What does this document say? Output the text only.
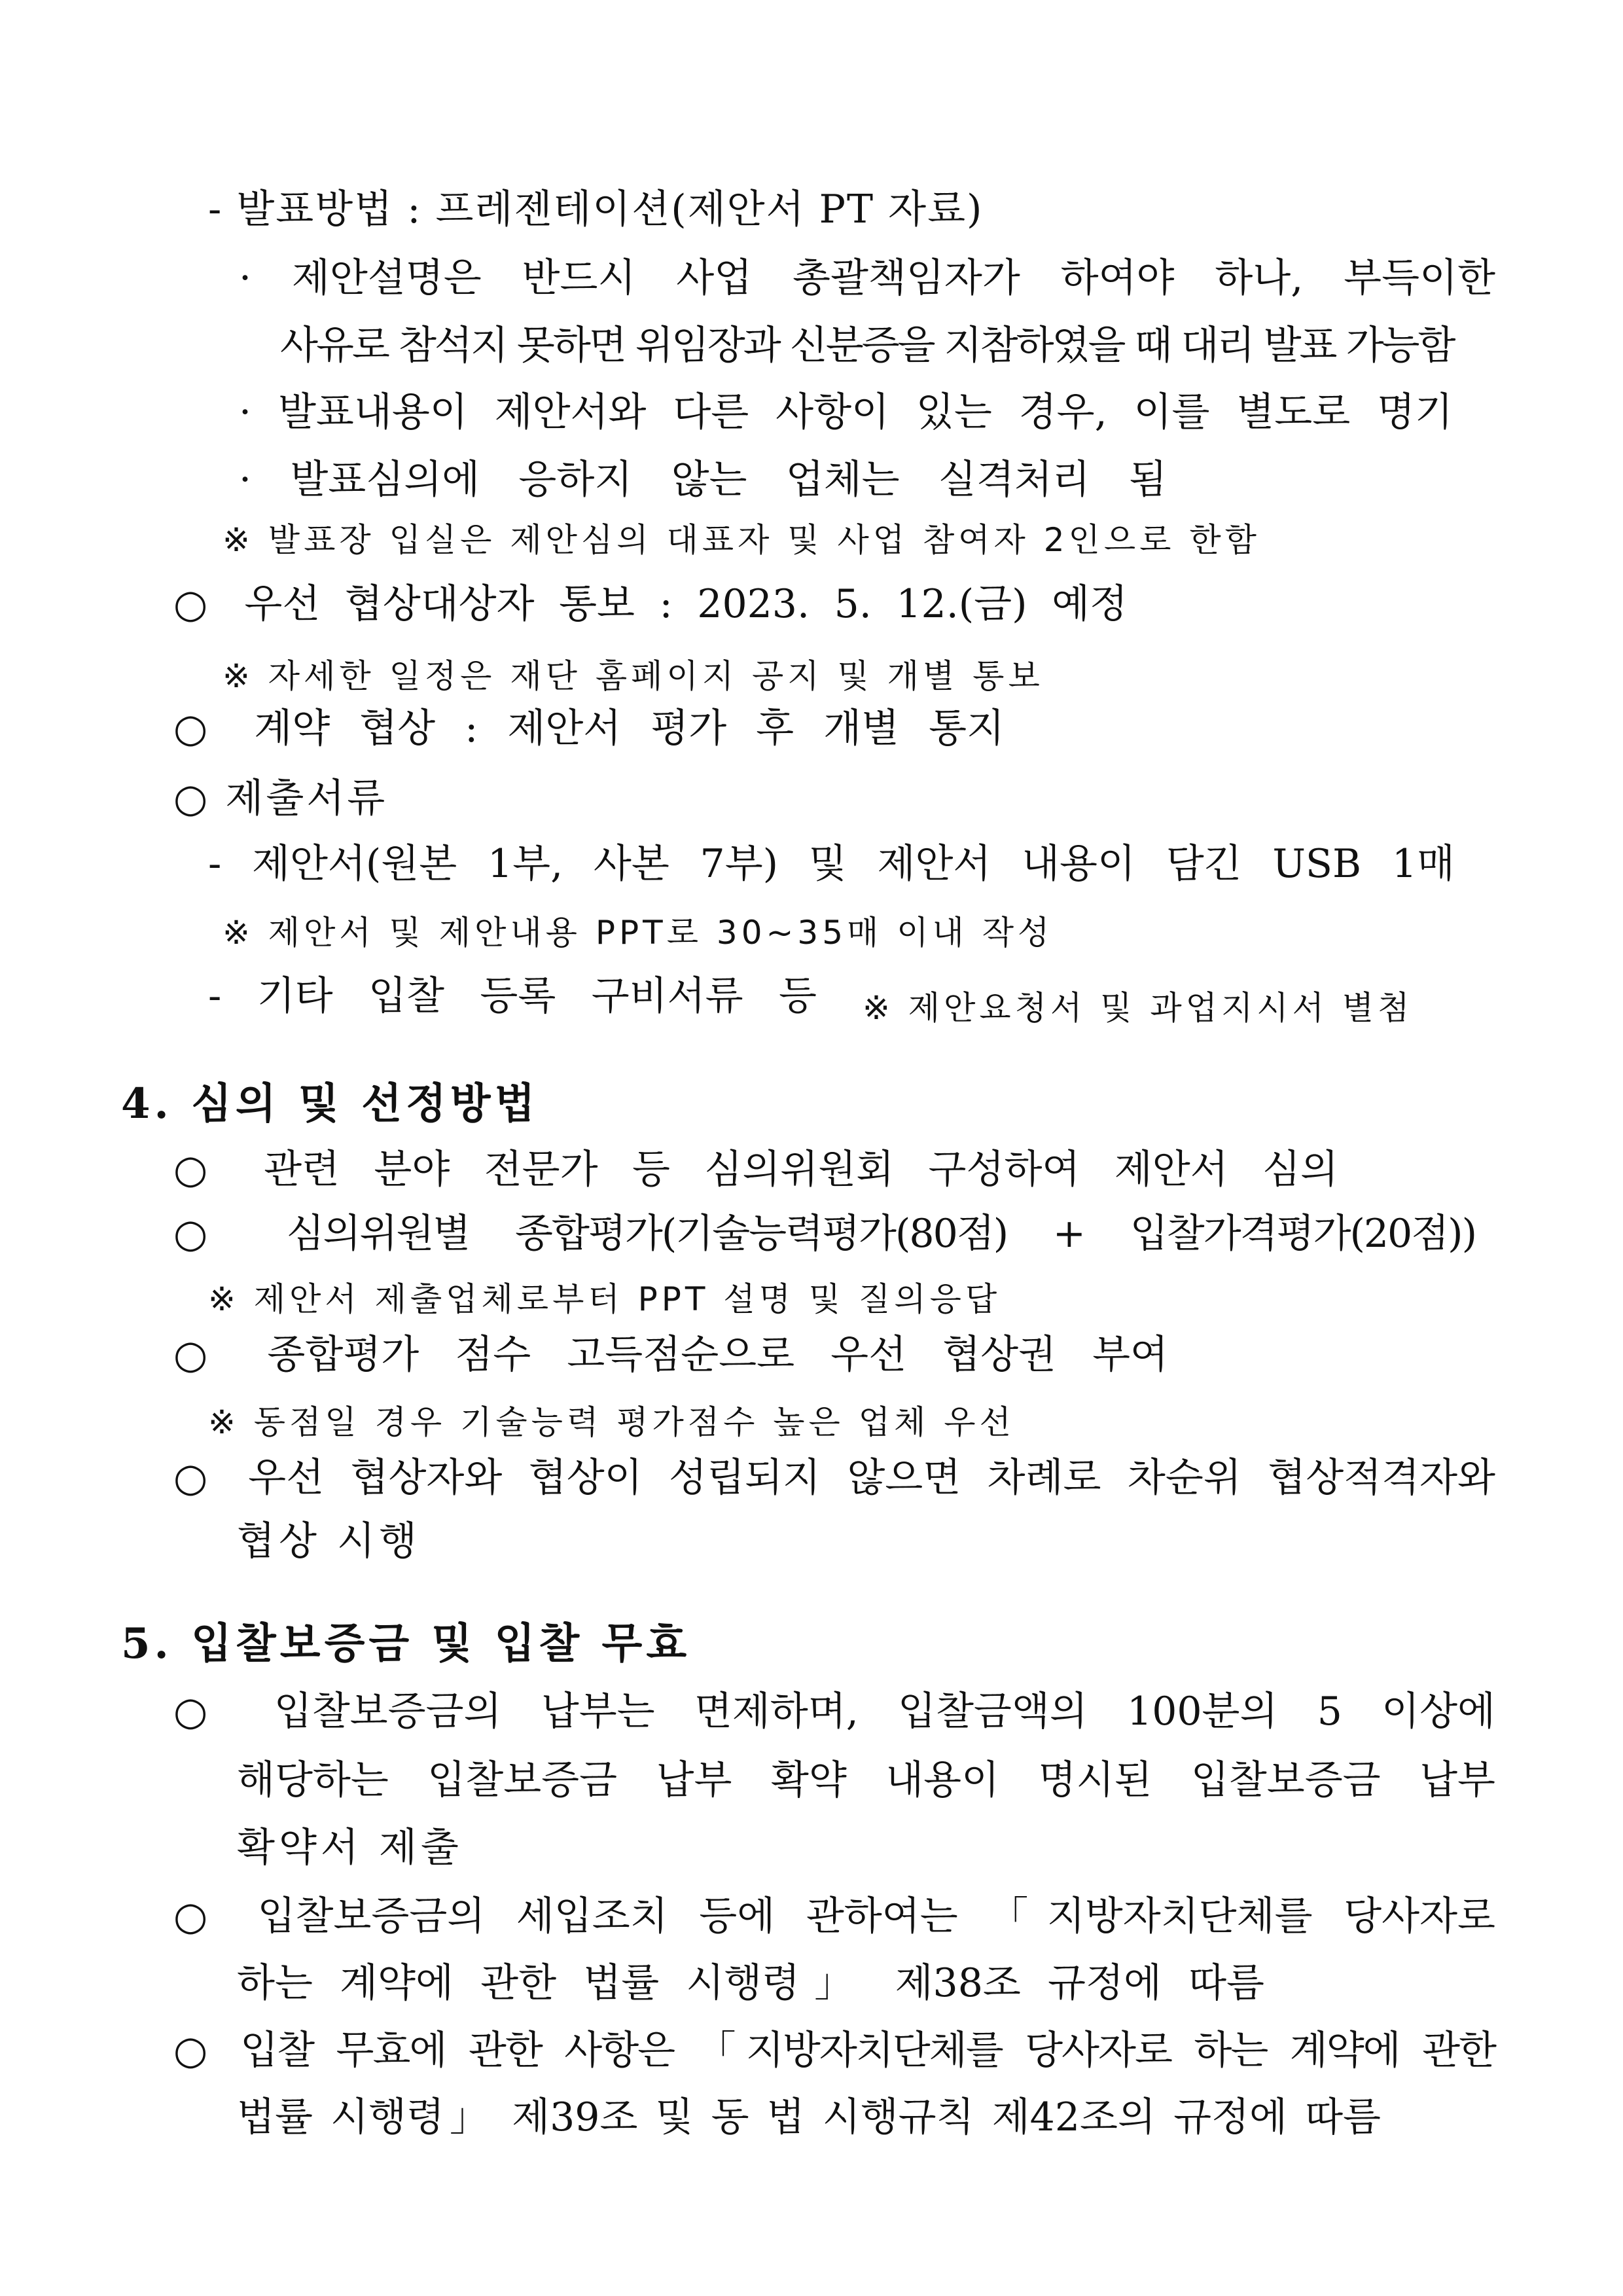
- 발표방법 : 프레젠테이션(제안서 PT 자료)
· 제안설명은 반드시 사업 총괄책임자가 하여야 하나, 부득이한
사유로 참석지 못하면 위임장과 신분증을 지참하였을 때 대리 발표 가능함
· 발표내용이 제안서와 다른 사항이 있는 경우, 이를 별도로 명기
· 발표심의에 응하지 않는 업체는 실격처리 됨
※ 발표장 입실은 제안심의 대표자 및 사업 참여자 2인으로 한함
○ 우선 협상대상자 통보 : 2023. 5. 12.(금) 예정
※ 자세한 일정은 재단 홈페이지 공지 및 개별 통보
○ 계약 협상 : 제안서 평가 후 개별 통지
○ 제출서류
- 제안서(원본 1부, 사본 7부) 및 제안서 내용이 담긴 USB 1매
※ 제안서 및 제안내용 PPT로 30~35매 이내 작성
- 기타 입찰 등록 구비서류 등 ※ 제안요청서 및 과업지시서 별첨
4. 심의 및 선정방법
○ 관련 분야 전문가 등 심의위원회 구성하여 제안서 심의
○ 심의위원별 종합평가(기술능력평가(80점) + 입찰가격평가(20점))
※ 제안서 제출업체로부터 PPT 설명 및 질의응답
○ 종합평가 점수 고득점순으로 우선 협상권 부여
※ 동점일 경우 기술능력 평가점수 높은 업체 우선
○ 우선 협상자와 협상이 성립되지 않으면 차례로 차순위 협상적격자와
협상 시행
5. 입찰보증금 및 입찰 무효
○ 입찰보증금의 납부는 면제하며, 입찰금액의 100분의 5 이상에
해당하는 입찰보증금 납부 확약 내용이 명시된 입찰보증금 납부
확약서 제출
○ 입찰보증금의 세입조치 등에 관하여는 「지방자치단체를 당사자로
하는 계약에 관한 법률 시행령」 제38조 규정에 따름
○ 입찰 무효에 관한 사항은 「지방자치단체를 당사자로 하는 계약에 관한
법률 시행령」 제39조 및 동 법 시행규칙 제42조의 규정에 따름
